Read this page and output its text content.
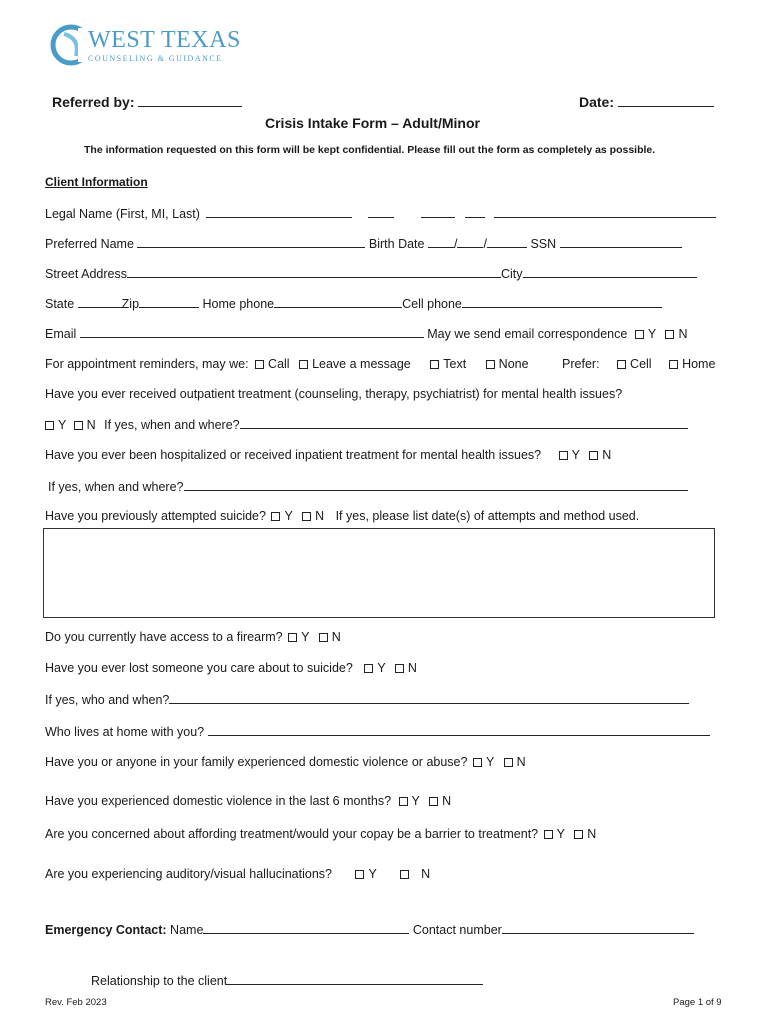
WEST TEXAS
COUNSELING & GUIDANCE
Referred by:	Date:
Crisis Intake Form – Adult/Minor
The information requested on this form will be kept confidential. Please fill out the form as completely as possible.
Client Information
Legal Name (First, MI, Last)
Preferred Name	Birth Date / /	SSN
Street Address	City
State	Zip	Home phone	Cell phone
Email	May we send email correspondence Y N
For appointment reminders, may we: Call Leave a message	Text	None	Prefer: Cell Home
Have you ever received outpatient treatment (counseling, therapy, psychiatrist) for mental health issues?
Y N If yes, when and where?
Have you ever been hospitalized or received inpatient treatment for mental health issues? Y N
If yes, when and where?
Have you previously attempted suicide? Y N If yes, please list date(s) of attempts and method used.
Do you currently have access to a firearm? Y N
Have you ever lost someone you care about to suicide? Y N
If yes, who and when?
Who lives at home with you?
Have you or anyone in your family experienced domestic violence or abuse? Y N
Have you experienced domestic violence in the last 6 months? Y N
Are you concerned about affording treatment/would your copay be a barrier to treatment? Y N
Are you experiencing auditory/visual hallucinations?	Y	N
Emergency Contact: Name	Contact number
Relationship to the client
Rev. Feb 2023	Page 1 of 9
